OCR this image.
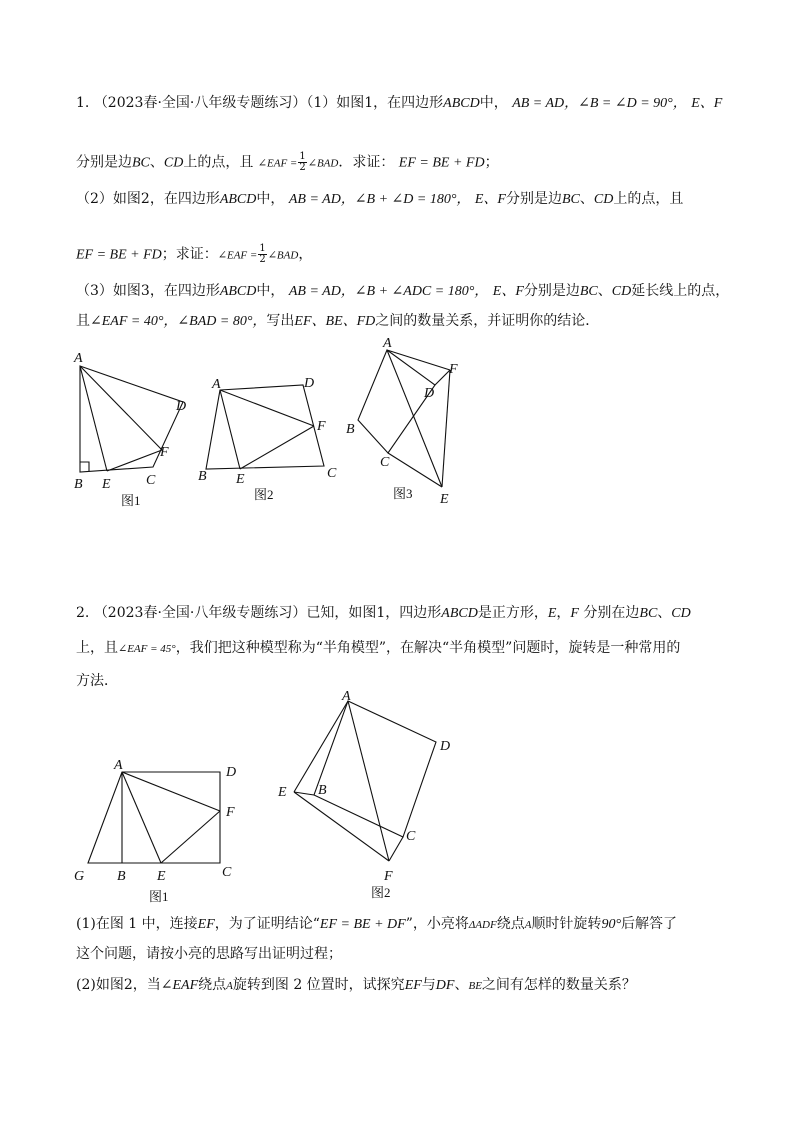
1. （2023春·全国·八年级专题练习）（1）如图1，在四边形ABCD中， AB = AD，∠B = ∠D = 90°， E、F
分别是边BC、CD上的点，且 ∠EAF = $\frac{1}{2}$ ∠BAD．求证： EF = BE + FD；
（2）如图2，在四边形ABCD中， AB = AD，∠B + ∠D = 180°， E、F分别是边BC、CD上的点，且
EF = BE + FD；求证：∠EAF = $\frac{1}{2}$ ∠BAD，
（3）如图3，在四边形ABCD中， AB = AD，∠B + ∠ADC = 180°， E、F分别是边BC、CD延长线上的点，
且∠EAF = 40°，∠BAD = 80°，写出EF、BE、FD之间的数量关系，并证明你的结论．
A
B E	C
F
D
图1
A	D
F
B E	C
图2
A
F
D
B
C
E
图3
2. （2023春·全国·八年级专题练习）已知，如图1，四边形ABCD是正方形，E，F 分别在边BC、CD
上，且∠EAF = 45°，我们把这种模型称为“半角模型”，在解决“半角模型”问题时，旋转是一种常用的
方法．
A	D
F
G B E	C
图1
A
D
E B
C
F
图2
(1)在图 1 中，连接EF，为了证明结论“EF = BE + DF”，小亮将ΔADF绕点A顺时针旋转90°后解答了
这个问题，请按小亮的思路写出证明过程；
(2)如图2，当∠EAF绕点A旋转到图 2 位置时，试探究EF与DF、BE之间有怎样的数量关系？
